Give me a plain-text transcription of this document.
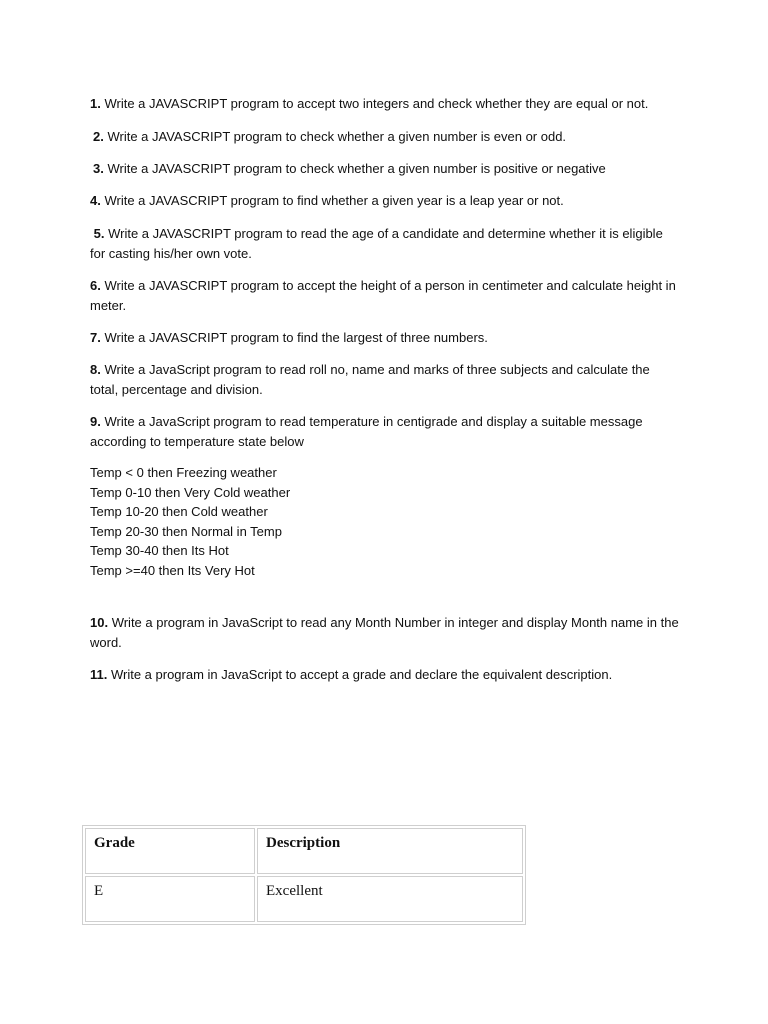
1. Write a JAVASCRIPT program to accept two integers and check whether they are equal or not.

2. Write a JAVASCRIPT program to check whether a given number is even or odd.

3. Write a JAVASCRIPT program to check whether a given number is positive or negative

4. Write a JAVASCRIPT program to find whether a given year is a leap year or not.

5. Write a JAVASCRIPT program to read the age of a candidate and determine whether it is eligible for casting his/her own vote.

6. Write a JAVASCRIPT program to accept the height of a person in centimeter and calculate height in meter.

7. Write a JAVASCRIPT program to find the largest of three numbers.

8. Write a JavaScript program to read roll no, name and marks of three subjects and calculate the total, percentage and division.

9. Write a JavaScript program to read temperature in centigrade and display a suitable message according to temperature state below

Temp < 0 then Freezing weather
Temp 0-10 then Very Cold weather
Temp 10-20 then Cold weather
Temp 20-30 then Normal in Temp
Temp 30-40 then Its Hot
Temp >=40 then Its Very Hot

10. Write a program in JavaScript to read any Month Number in integer and display Month name in the word.

11. Write a program in JavaScript to accept a grade and declare the equivalent description.

Grade	Description
E	Excellent
